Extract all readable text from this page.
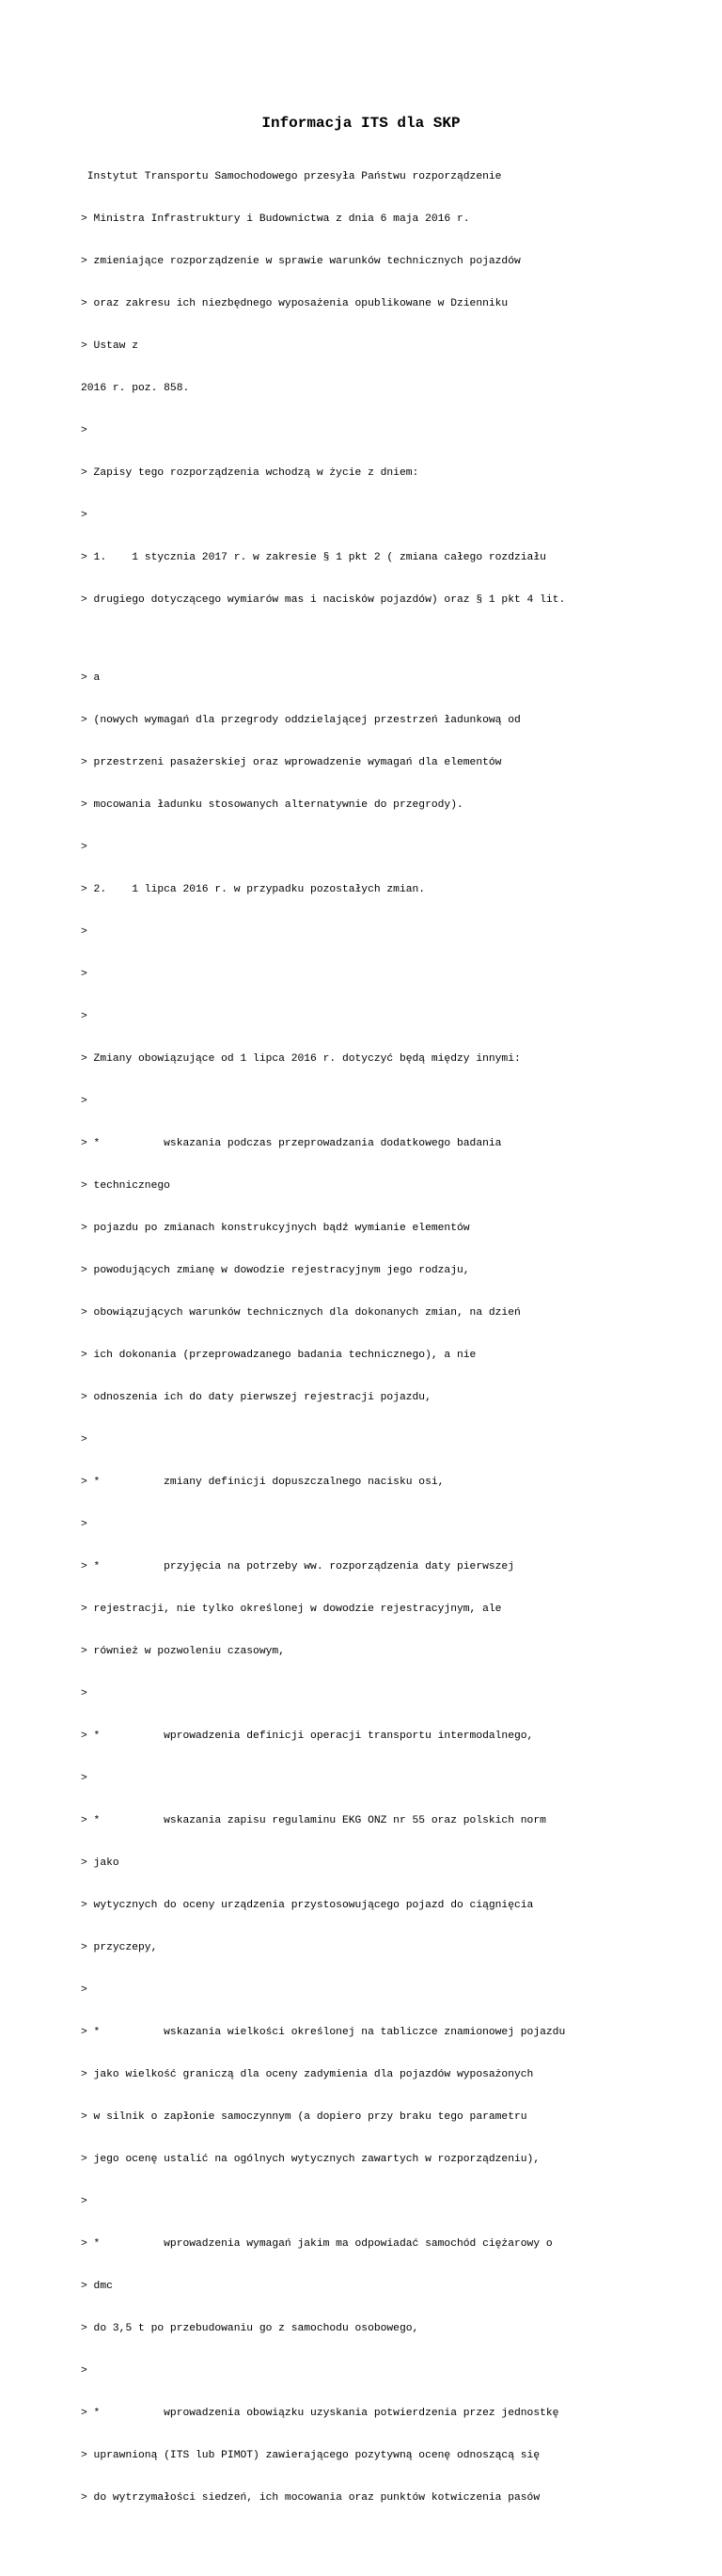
Informacja ITS dla SKP

Instytut Transportu Samochodowego przesyła Państwu rozporządzenie

> Ministra Infrastruktury i Budownictwa z dnia 6 maja 2016 r.

> zmieniające rozporządzenie w sprawie warunków technicznych pojazdów

> oraz zakresu ich niezbędnego wyposażenia opublikowane w Dzienniku

> Ustaw z

2016 r. poz. 858.

>

> Zapisy tego rozporządzenia wchodzą w życie z dniem:

>

> 1.    1 stycznia 2017 r. w zakresie § 1 pkt 2 ( zmiana całego rozdziału

> drugiego dotyczącego wymiarów mas i nacisków pojazdów) oraz § 1 pkt 4 lit.

> a

> (nowych wymagań dla przegrody oddzielającej przestrzeń ładunkową od

> przestrzeni pasażerskiej oraz wprowadzenie wymagań dla elementów

> mocowania ładunku stosowanych alternatywnie do przegrody).

>

> 2.    1 lipca 2016 r. w przypadku pozostałych zmian.

>

>

>

> Zmiany obowiązujące od 1 lipca 2016 r. dotyczyć będą między innymi:

>

> *          wskazania podczas przeprowadzania dodatkowego badania

> technicznego

> pojazdu po zmianach konstrukcyjnych bądź wymianie elementów

> powodujących zmianę w dowodzie rejestracyjnym jego rodzaju,

> obowiązujących warunków technicznych dla dokonanych zmian, na dzień

> ich dokonania (przeprowadzanego badania technicznego), a nie

> odnoszenia ich do daty pierwszej rejestracji pojazdu,

>

> *          zmiany definicji dopuszczalnego nacisku osi,

>

> *          przyjęcia na potrzeby ww. rozporządzenia daty pierwszej

> rejestracji, nie tylko określonej w dowodzie rejestracyjnym, ale

> również w pozwoleniu czasowym,

>

> *          wprowadzenia definicji operacji transportu intermodalnego,

>

> *          wskazania zapisu regulaminu EKG ONZ nr 55 oraz polskich norm

> jako

> wytycznych do oceny urządzenia przystosowującego pojazd do ciągnięcia

> przyczepy,

>

> *          wskazania wielkości określonej na tabliczce znamionowej pojazdu

> jako wielkość graniczą dla oceny zadymienia dla pojazdów wyposażonych

> w silnik o zapłonie samoczynnym (a dopiero przy braku tego parametru

> jego ocenę ustalić na ogólnych wytycznych zawartych w rozporządzeniu),

>

> *          wprowadzenia wymagań jakim ma odpowiadać samochód ciężarowy o

> dmc

> do 3,5 t po przebudowaniu go z samochodu osobowego,

>

> *          wprowadzenia obowiązku uzyskania potwierdzenia przez jednostkę

> uprawnioną (ITS lub PIMOT) zawierającego pozytywną ocenę odnoszącą się

> do wytrzymałości siedzeń, ich mocowania oraz punktów kotwiczenia pasów
